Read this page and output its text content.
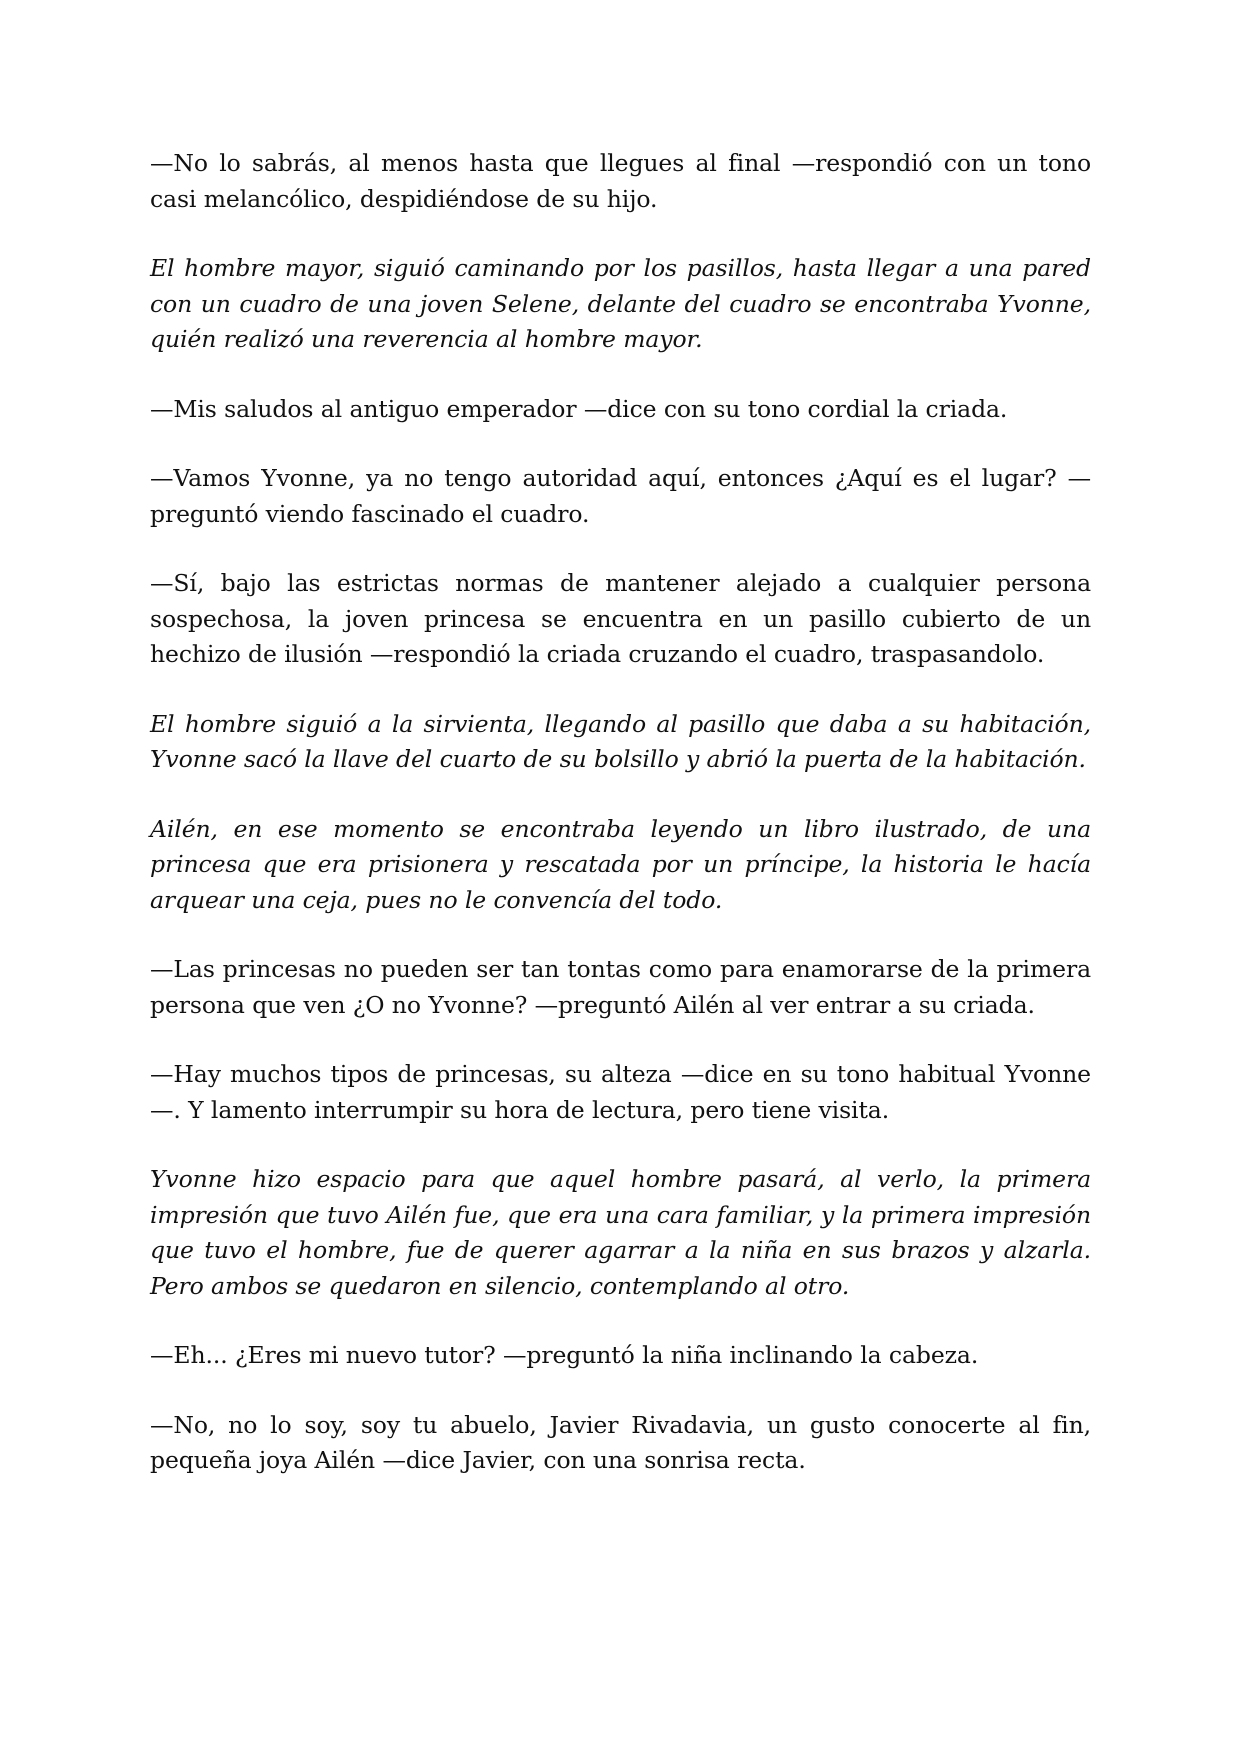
—No lo sabrás, al menos hasta que llegues al final —respondió con un tono casi melancólico, despidiéndose de su hijo.

El hombre mayor, siguió caminando por los pasillos, hasta llegar a una pared con un cuadro de una joven Selene, delante del cuadro se encontraba Yvonne, quién realizó una reverencia al hombre mayor.

—Mis saludos al antiguo emperador —dice con su tono cordial la criada.

—Vamos Yvonne, ya no tengo autoridad aquí, entonces ¿Aquí es el lugar? —preguntó viendo fascinado el cuadro.

—Sí, bajo las estrictas normas de mantener alejado a cualquier persona sospechosa, la joven princesa se encuentra en un pasillo cubierto de un hechizo de ilusión —respondió la criada cruzando el cuadro, traspasandolo.

El hombre siguió a la sirvienta, llegando al pasillo que daba a su habitación, Yvonne sacó la llave del cuarto de su bolsillo y abrió la puerta de la habitación.

Ailén, en ese momento se encontraba leyendo un libro ilustrado, de una princesa que era prisionera y rescatada por un príncipe, la historia le hacía arquear una ceja, pues no le convencía del todo.

—Las princesas no pueden ser tan tontas como para enamorarse de la primera persona que ven ¿O no Yvonne? —preguntó Ailén al ver entrar a su criada.

—Hay muchos tipos de princesas, su alteza —dice en su tono habitual Yvonne —. Y lamento interrumpir su hora de lectura, pero tiene visita.

Yvonne hizo espacio para que aquel hombre pasará, al verlo, la primera impresión que tuvo Ailén fue, que era una cara familiar, y la primera impresión que tuvo el hombre, fue de querer agarrar a la niña en sus brazos y alzarla. Pero ambos se quedaron en silencio, contemplando al otro.

—Eh... ¿Eres mi nuevo tutor? —preguntó la niña inclinando la cabeza.

—No, no lo soy, soy tu abuelo, Javier Rivadavia, un gusto conocerte al fin, pequeña joya Ailén —dice Javier, con una sonrisa recta.
